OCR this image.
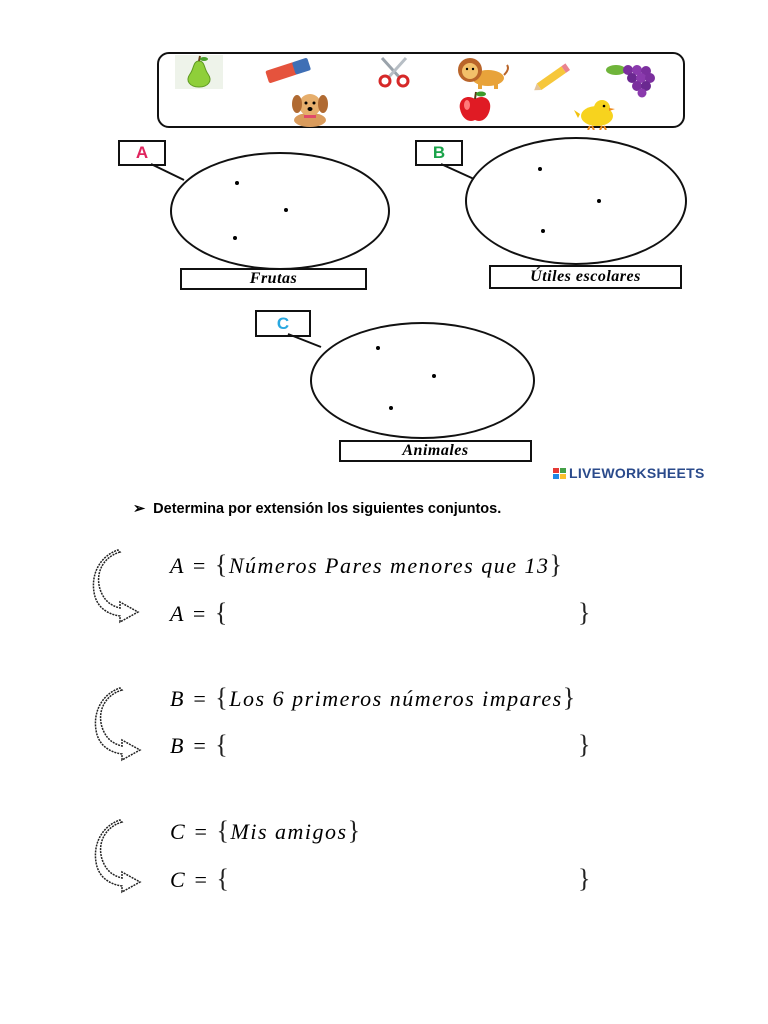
A
Frutas
B
Útiles escolares
C
Animales
LIVEWORKSHEETS
➢ Determina por extensión los siguientes conjuntos.
A = {Números Pares menores que 13}
A = {	}
B = {Los 6 primeros números impares}
B = {	}
C = {Mis amigos}
C = {	}
